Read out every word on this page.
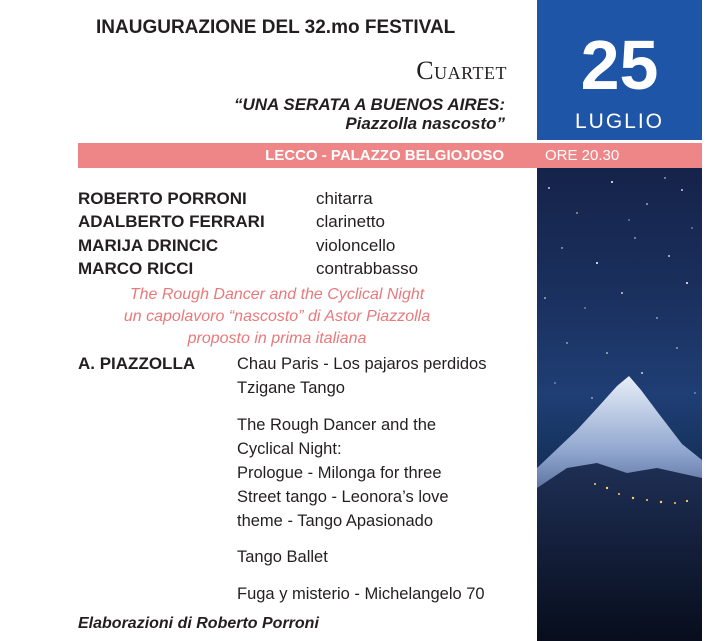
INAUGURAZIONE DEL 32.mo FESTIVAL
Cuartet
“UNA SERATA A BUENOS AIRES:
Piazzolla nascosto”
25
LUGLIO
LECCO - PALAZZO BELGIOJOSO	ORE 20.30
ROBERTO PORRONI	chitarra
ADALBERTO FERRARI	clarinetto
MARIJA DRINCIC	violoncello
MARCO RICCI	contrabbasso
The Rough Dancer and the Cyclical Night
un capolavoro “nascosto” di Astor Piazzolla
proposto in prima italiana
A. PIAZZOLLA	Chau Paris - Los pajaros perdidos
Tzigane Tango
The Rough Dancer and the
Cyclical Night:
Prologue - Milonga for three
Street tango - Leonora’s love
theme - Tango Apasionado
Tango Ballet
Fuga y misterio - Michelangelo 70
Elaborazioni di Roberto Porroni
